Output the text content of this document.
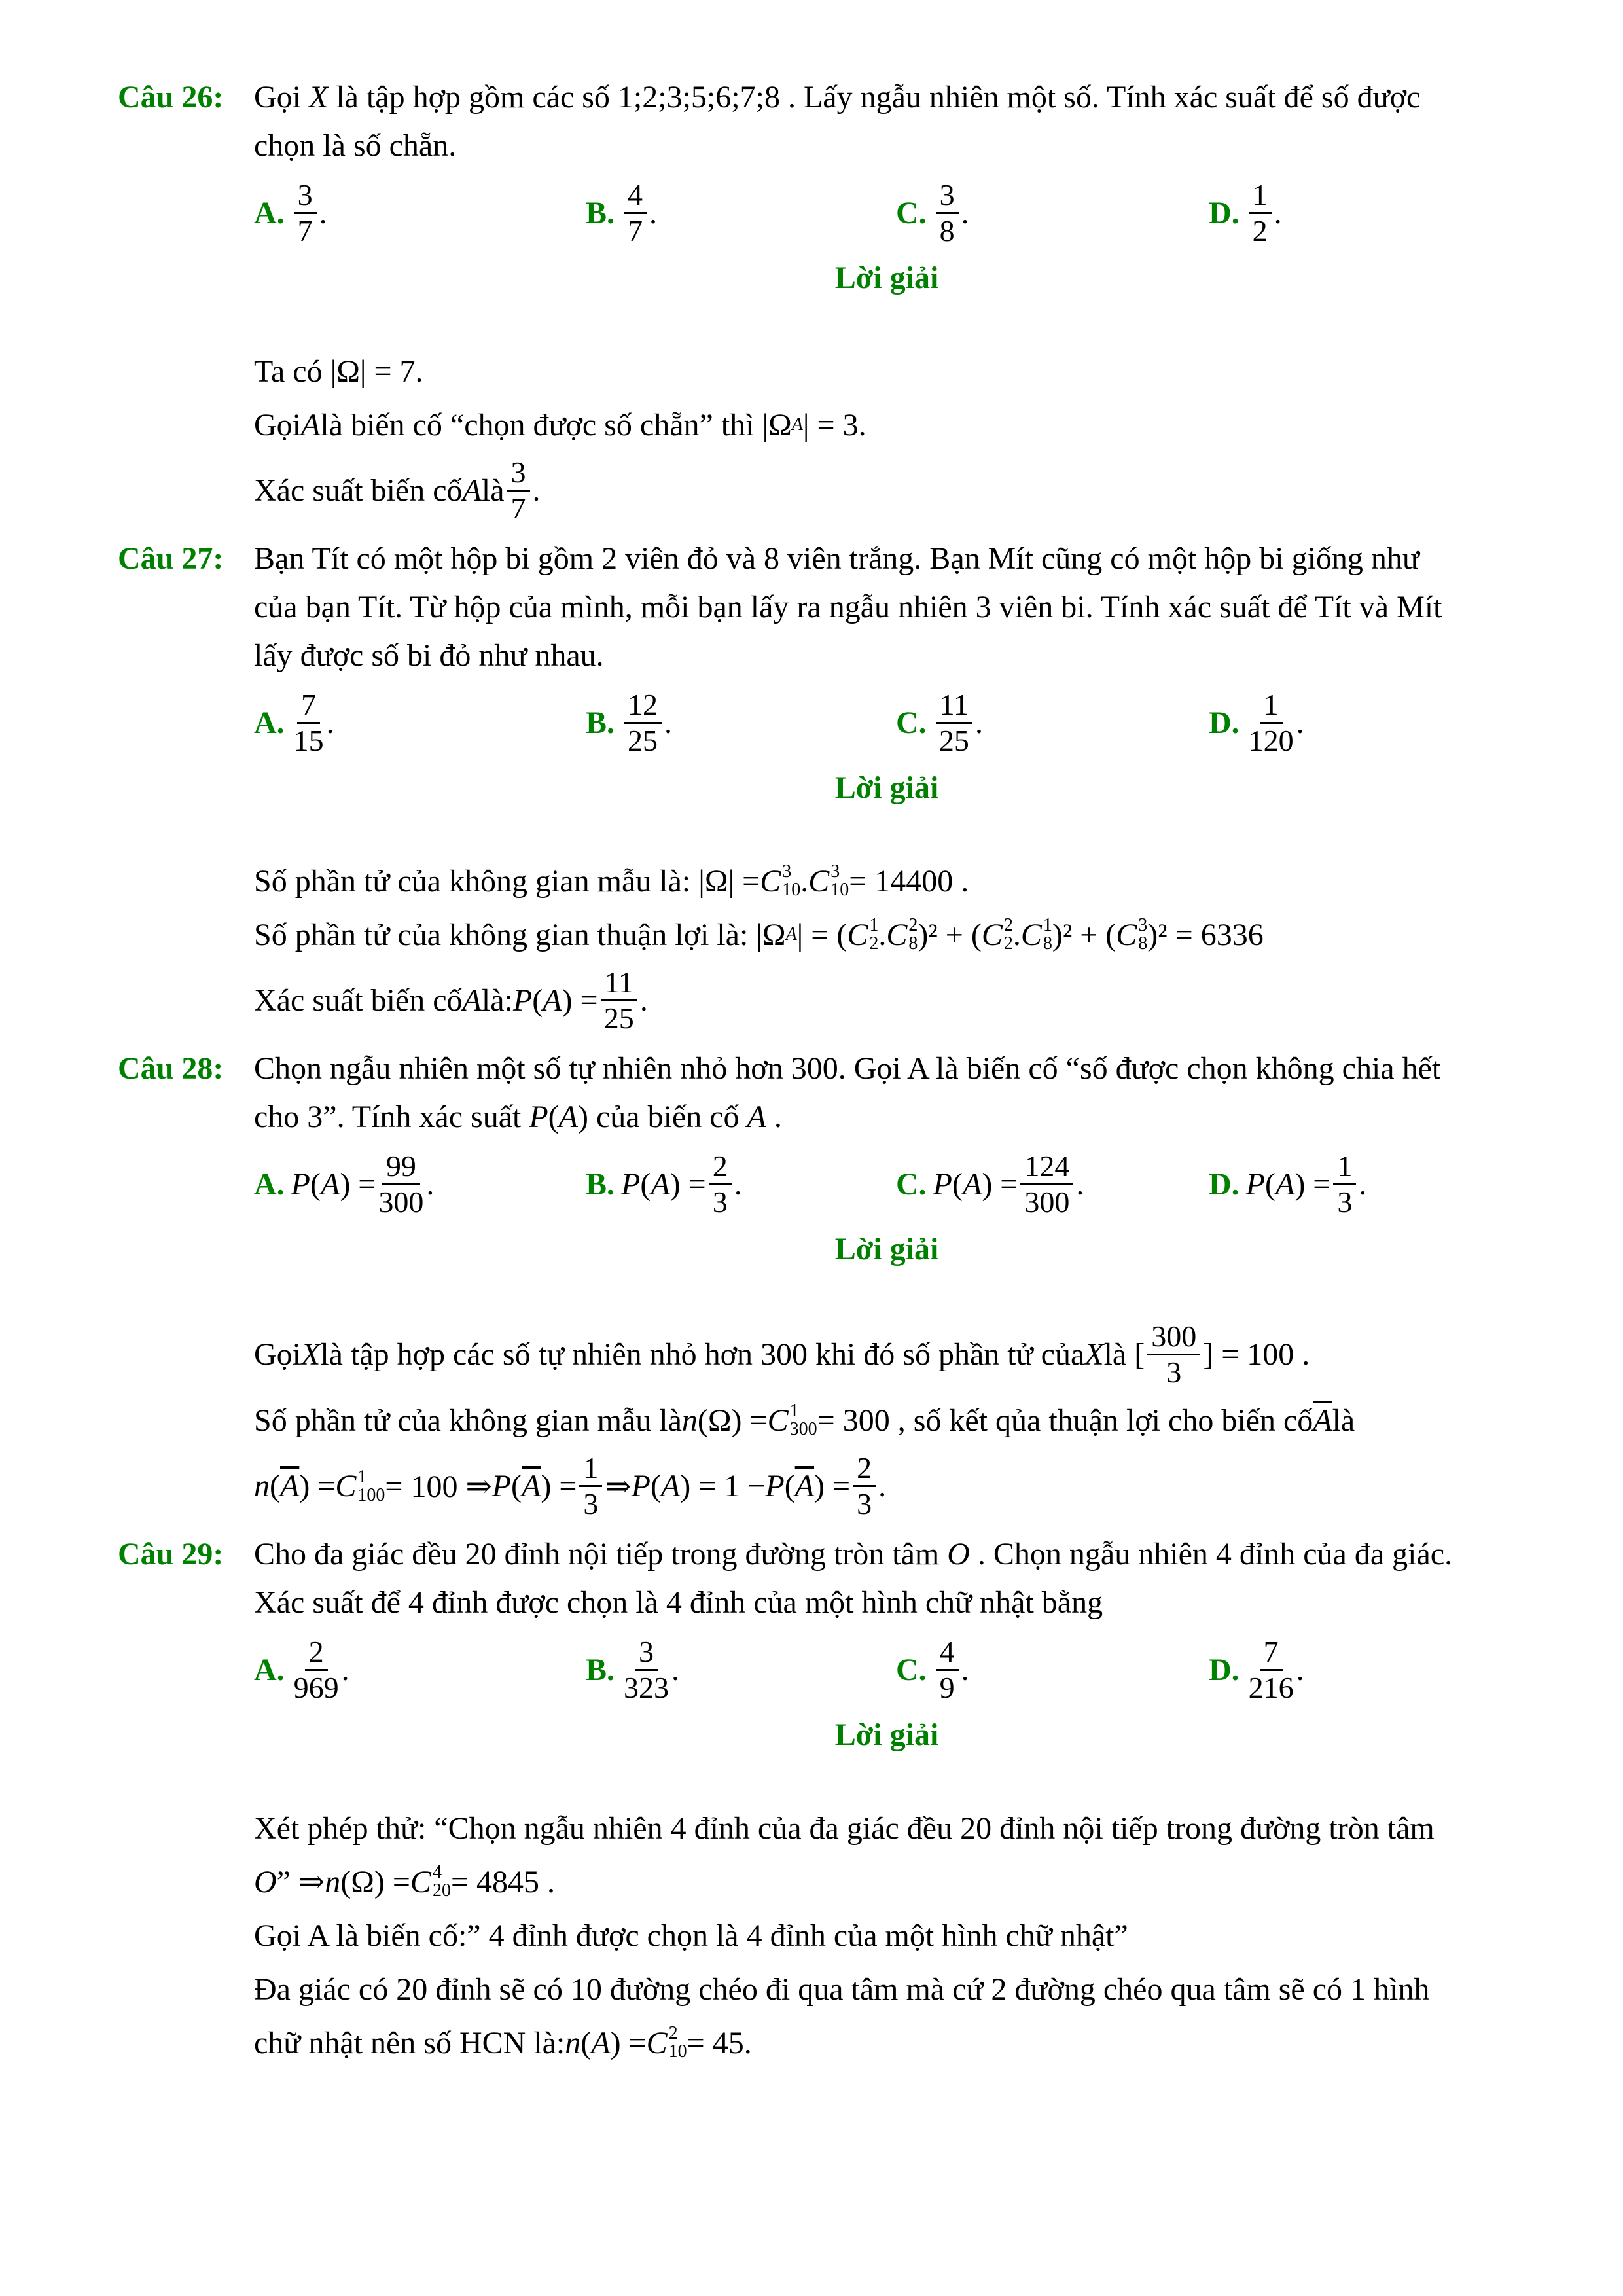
Câu 26: Gọi X là tập hợp gồm các số 1;2;3;5;6;7;8 . Lấy ngẫu nhiên một số. Tính xác suất để số được
chọn là số chẵn.
A. $\frac{3}{7}$ .	B. $\frac{4}{7}$ .	C. $\frac{3}{8}$ .	D. $\frac{1}{2}$ .
Lời giải
Ta có |Ω| = 7.
Gọi A là biến cố “chọn được số chẵn” thì |Ω A | = 3.
Xác suất biến cố A là $\frac{3}{7}$ .
Câu 27: Bạn Tít có một hộp bi gồm 2 viên đỏ và 8 viên trắng. Bạn Mít cũng có một hộp bi giống như
của bạn Tít. Từ hộp của mình, mỗi bạn lấy ra ngẫu nhiên 3 viên bi. Tính xác suất để Tít và Mít
lấy được số bi đỏ như nhau.
A. $\frac{7}{15}$ .	B. $\frac{12}{25}$ .	C. $\frac{11}{25}$ .	D. $\frac{1}{120}$ .
Lời giải
Số phần tử của không gian mẫu là: |Ω| = C 3
10 . C 3
10 = 14400 .
Số phần tử của không gian thuận lợi là: |Ω A | = ( C 1
2 . C 2
8 )² + ( C 2
2 . C 1
8 )² + ( C 3
8 )² = 6336
Xác suất biến cố A là: P ( A ) = $\frac{11}{25}$ .
Câu 28: Chọn ngẫu nhiên một số tự nhiên nhỏ hơn 300. Gọi A là biến cố “số được chọn không chia hết
cho 3”. Tính xác suất P(A) của biến cố A .
A. P ( A ) = $\frac{99}{300}$ .	B. P ( A ) = $\frac{2}{3}$ .	C. P ( A ) = $\frac{124}{300}$ .	D. P ( A ) = $\frac{1}{3}$ .
Lời giải
Gọi X là tập hợp các số tự nhiên nhỏ hơn 300 khi đó số phần tử của X là [ $\frac{300}{3}$ ] = 100 .
Số phần tử của không gian mẫu là n (Ω) = C 1
300 = 300 , số kết qủa thuận lợi cho biến cố $\overline{A}$ là
n ( $\overline{A}$ ) = C 1
100 = 100 ⇒ P ( $\overline{A}$ ) = $\frac{1}{3}$ ⇒ P ( A ) = 1 − P ( $\overline{A}$ ) = $\frac{2}{3}$ .
Câu 29: Cho đa giác đều 20 đỉnh nội tiếp trong đường tròn tâm O . Chọn ngẫu nhiên 4 đỉnh của đa giác.
Xác suất để 4 đỉnh được chọn là 4 đỉnh của một hình chữ nhật bằng
A. $\frac{2}{969}$ .	B. $\frac{3}{323}$ .	C. $\frac{4}{9}$ .	D. $\frac{7}{216}$ .
Lời giải
Xét phép thử: “Chọn ngẫu nhiên 4 đỉnh của đa giác đều 20 đỉnh nội tiếp trong đường tròn tâm
O ” ⇒ n (Ω) = C 4
20 = 4845 .
Gọi A là biến cố:” 4 đỉnh được chọn là 4 đỉnh của một hình chữ nhật”
Đa giác có 20 đỉnh sẽ có 10 đường chéo đi qua tâm mà cứ 2 đường chéo qua tâm sẽ có 1 hình
chữ nhật nên số HCN là: n ( A ) = C 2
10 = 45.
